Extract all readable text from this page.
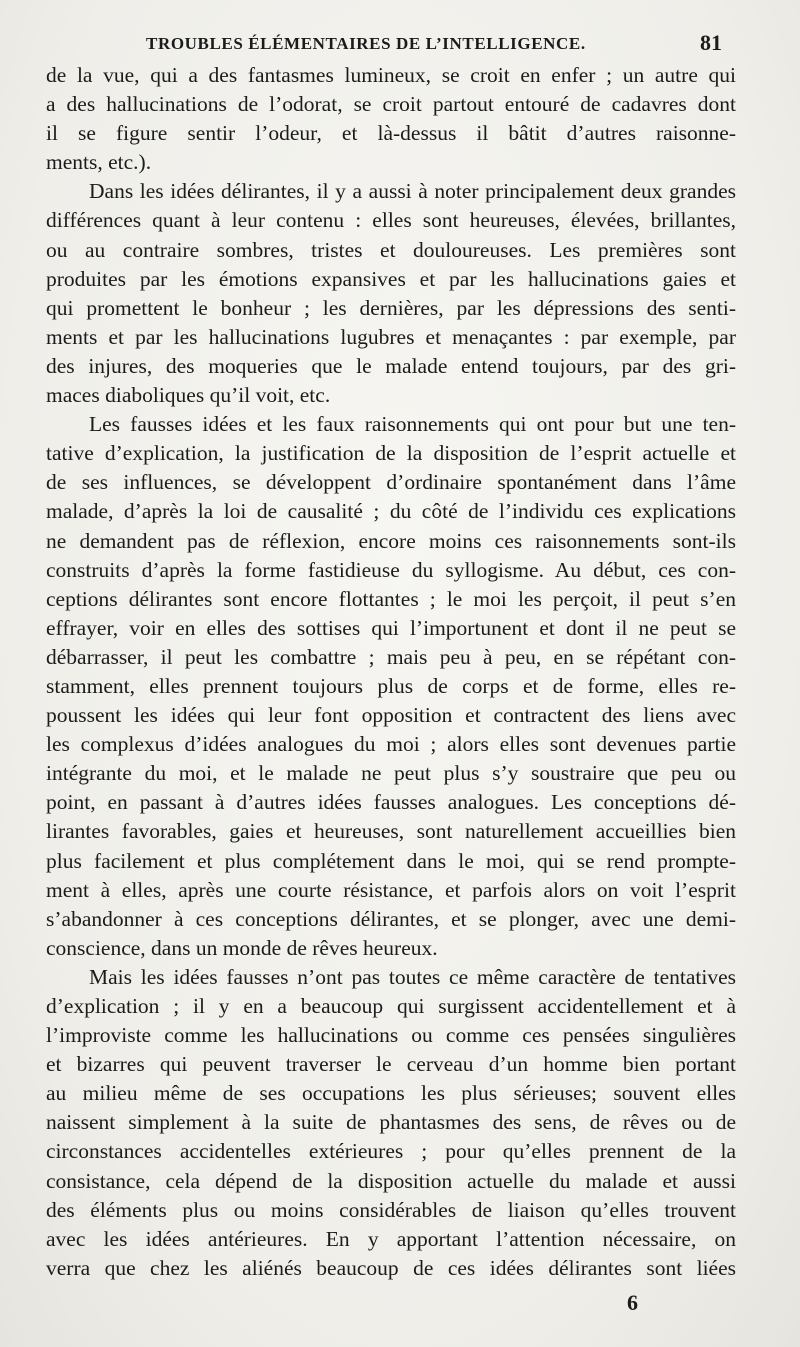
TROUBLES ÉLÉMENTAIRES DE L’INTELLIGENCE.	81
de la vue, qui a des fantasmes lumineux, se croit en enfer ; un autre qui
a des hallucinations de l’odorat, se croit partout entouré de cadavres dont
il se figure sentir l’odeur, et là-dessus il bâtit d’autres raisonne-
ments, etc.).
Dans les idées délirantes, il y a aussi à noter principalement deux grandes
différences quant à leur contenu : elles sont heureuses, élevées, brillantes,
ou au contraire sombres, tristes et douloureuses. Les premières sont
produites par les émotions expansives et par les hallucinations gaies et
qui promettent le bonheur ; les dernières, par les dépressions des senti-
ments et par les hallucinations lugubres et menaçantes : par exemple, par
des injures, des moqueries que le malade entend toujours, par des gri-
maces diaboliques qu’il voit, etc.
Les fausses idées et les faux raisonnements qui ont pour but une ten-
tative d’explication, la justification de la disposition de l’esprit actuelle et
de ses influences, se développent d’ordinaire spontanément dans l’âme
malade, d’après la loi de causalité ; du côté de l’individu ces explications
ne demandent pas de réflexion, encore moins ces raisonnements sont-ils
construits d’après la forme fastidieuse du syllogisme. Au début, ces con-
ceptions délirantes sont encore flottantes ; le moi les perçoit, il peut s’en
effrayer, voir en elles des sottises qui l’importunent et dont il ne peut se
débarrasser, il peut les combattre ; mais peu à peu, en se répétant con-
stamment, elles prennent toujours plus de corps et de forme, elles re-
poussent les idées qui leur font opposition et contractent des liens avec
les complexus d’idées analogues du moi ; alors elles sont devenues partie
intégrante du moi, et le malade ne peut plus s’y soustraire que peu ou
point, en passant à d’autres idées fausses analogues. Les conceptions dé-
lirantes favorables, gaies et heureuses, sont naturellement accueillies bien
plus facilement et plus complétement dans le moi, qui se rend prompte-
ment à elles, après une courte résistance, et parfois alors on voit l’esprit
s’abandonner à ces conceptions délirantes, et se plonger, avec une demi-
conscience, dans un monde de rêves heureux.
Mais les idées fausses n’ont pas toutes ce même caractère de tentatives
d’explication ; il y en a beaucoup qui surgissent accidentellement et à
l’improviste comme les hallucinations ou comme ces pensées singulières
et bizarres qui peuvent traverser le cerveau d’un homme bien portant
au milieu même de ses occupations les plus sérieuses; souvent elles
naissent simplement à la suite de phantasmes des sens, de rêves ou de
circonstances accidentelles extérieures ; pour qu’elles prennent de la
consistance, cela dépend de la disposition actuelle du malade et aussi
des éléments plus ou moins considérables de liaison qu’elles trouvent
avec les idées antérieures. En y apportant l’attention nécessaire, on
verra que chez les aliénés beaucoup de ces idées délirantes sont liées
6
